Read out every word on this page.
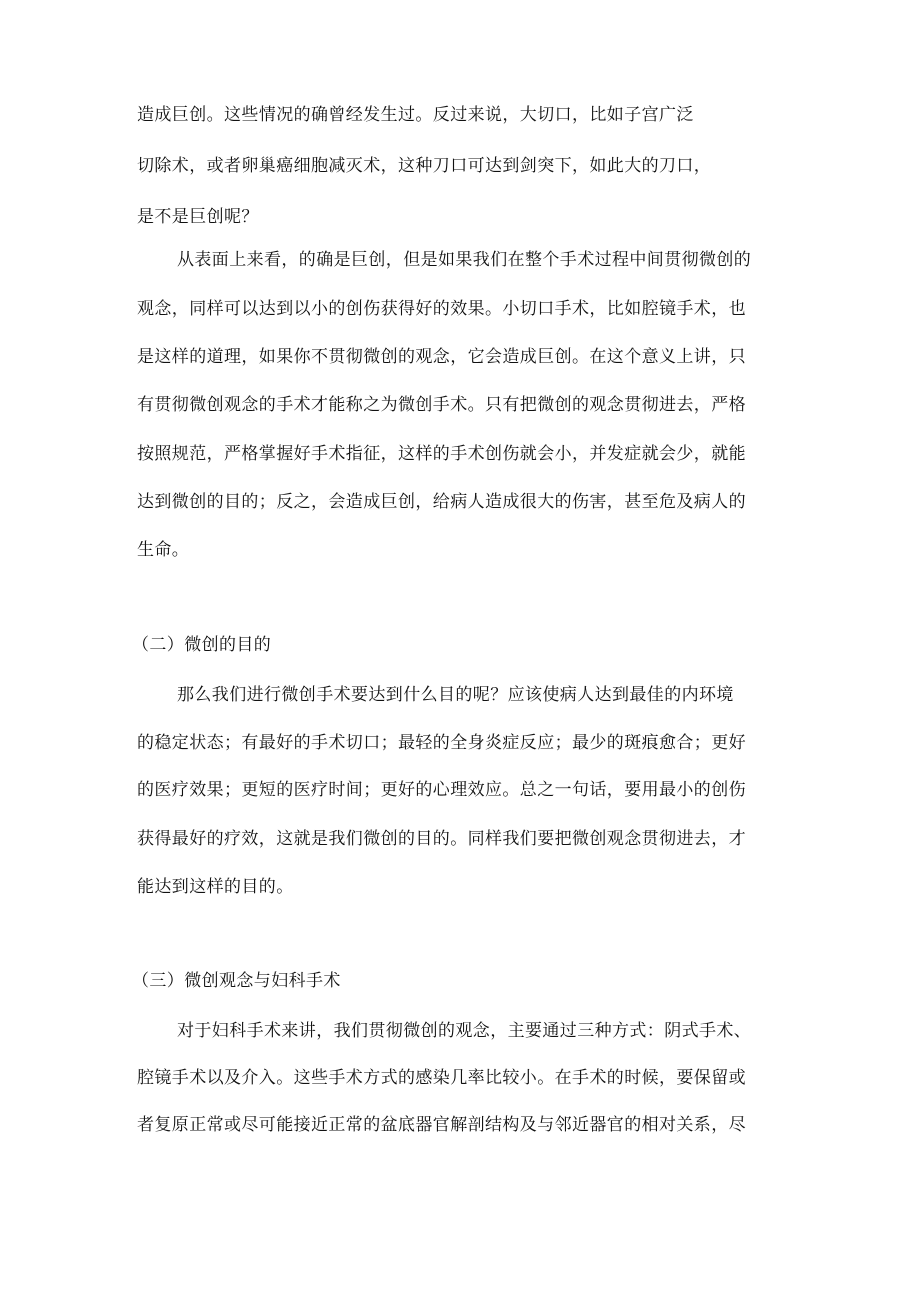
造成巨创。这些情况的确曾经发生过。反过来说，大切口，比如子宫广泛
切除术，或者卵巢癌细胞减灭术，这种刀口可达到剑突下，如此大的刀口，
是不是巨创呢？
从表面上来看，的确是巨创，但是如果我们在整个手术过程中间贯彻微创的
观念，同样可以达到以小的创伤获得好的效果。小切口手术，比如腔镜手术，也
是这样的道理，如果你不贯彻微创的观念，它会造成巨创。在这个意义上讲，只
有贯彻微创观念的手术才能称之为微创手术。只有把微创的观念贯彻进去，严格
按照规范，严格掌握好手术指征，这样的手术创伤就会小，并发症就会少，就能
达到微创的目的；反之，会造成巨创，给病人造成很大的伤害，甚至危及病人的
生命。
（二）微创的目的
那么我们进行微创手术要达到什么目的呢？应该使病人达到最佳的内环境
的稳定状态；有最好的手术切口；最轻的全身炎症反应；最少的斑痕愈合；更好
的医疗效果；更短的医疗时间；更好的心理效应。总之一句话，要用最小的创伤
获得最好的疗效，这就是我们微创的目的。同样我们要把微创观念贯彻进去，才
能达到这样的目的。
（三）微创观念与妇科手术
对于妇科手术来讲，我们贯彻微创的观念，主要通过三种方式：阴式手术、
腔镜手术以及介入。这些手术方式的感染几率比较小。在手术的时候，要保留或
者复原正常或尽可能接近正常的盆底器官解剖结构及与邻近器官的相对关系，尽
